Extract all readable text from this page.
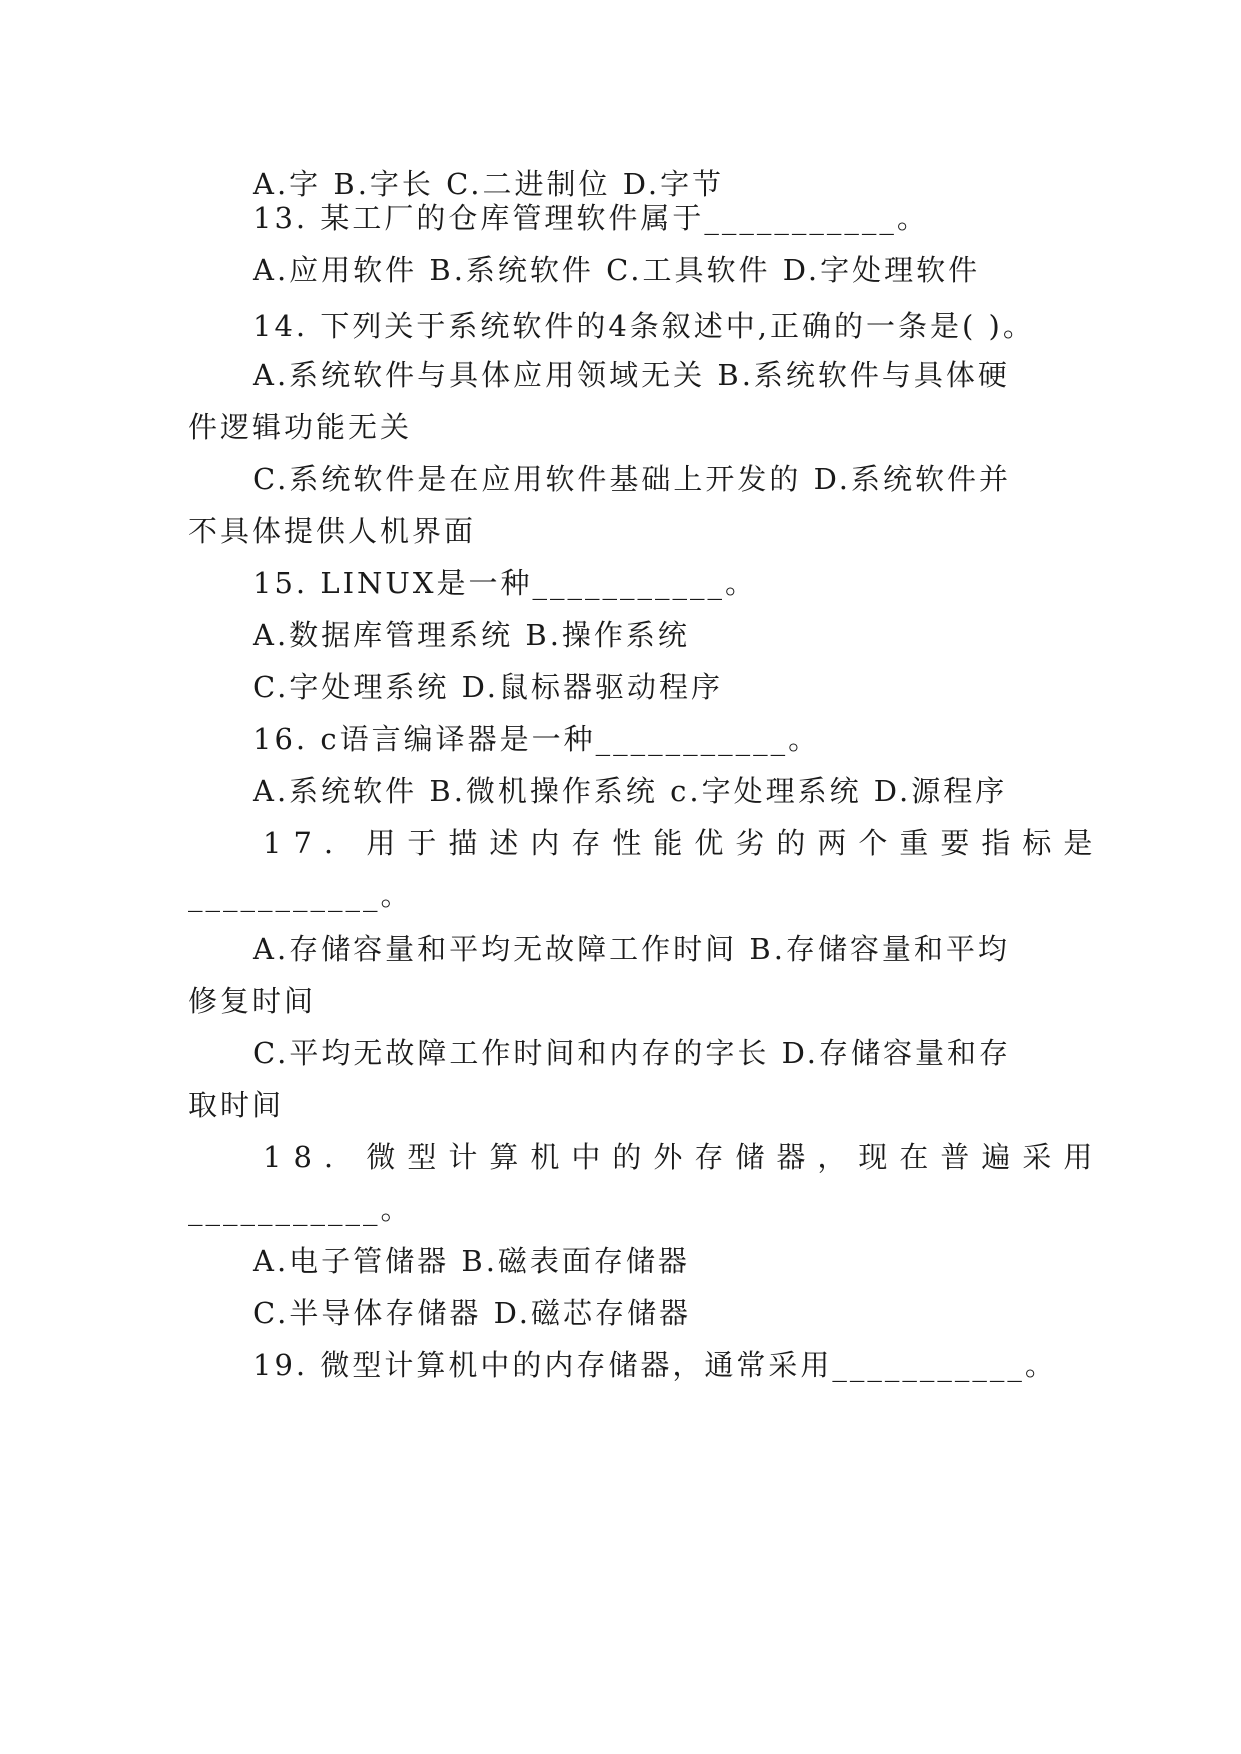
A.字 B.字长 C.二进制位 D.字节
13. 某工厂的仓库管理软件属于___________。
A.应用软件 B.系统软件 C.工具软件 D.字处理软件
14. 下列关于系统软件的4条叙述中,正确的一条是( )。
A.系统软件与具体应用领域无关 B.系统软件与具体硬
件逻辑功能无关
C.系统软件是在应用软件基础上开发的 D.系统软件并
不具体提供人机界面
15. LINUX是一种___________。
A.数据库管理系统 B.操作系统
C.字处理系统 D.鼠标器驱动程序
16. c语言编译器是一种___________。
A.系统软件 B.微机操作系统 c.字处理系统 D.源程序
17. 用于描述内存性能优劣的两个重要指标是
___________。
A.存储容量和平均无故障工作时间 B.存储容量和平均
修复时间
C.平均无故障工作时间和内存的字长 D.存储容量和存
取时间
18. 微型计算机中的外存储器，现在普遍采用
___________。
A.电子管储器 B.磁表面存储器
C.半导体存储器 D.磁芯存储器
19. 微型计算机中的内存储器，通常采用___________。
